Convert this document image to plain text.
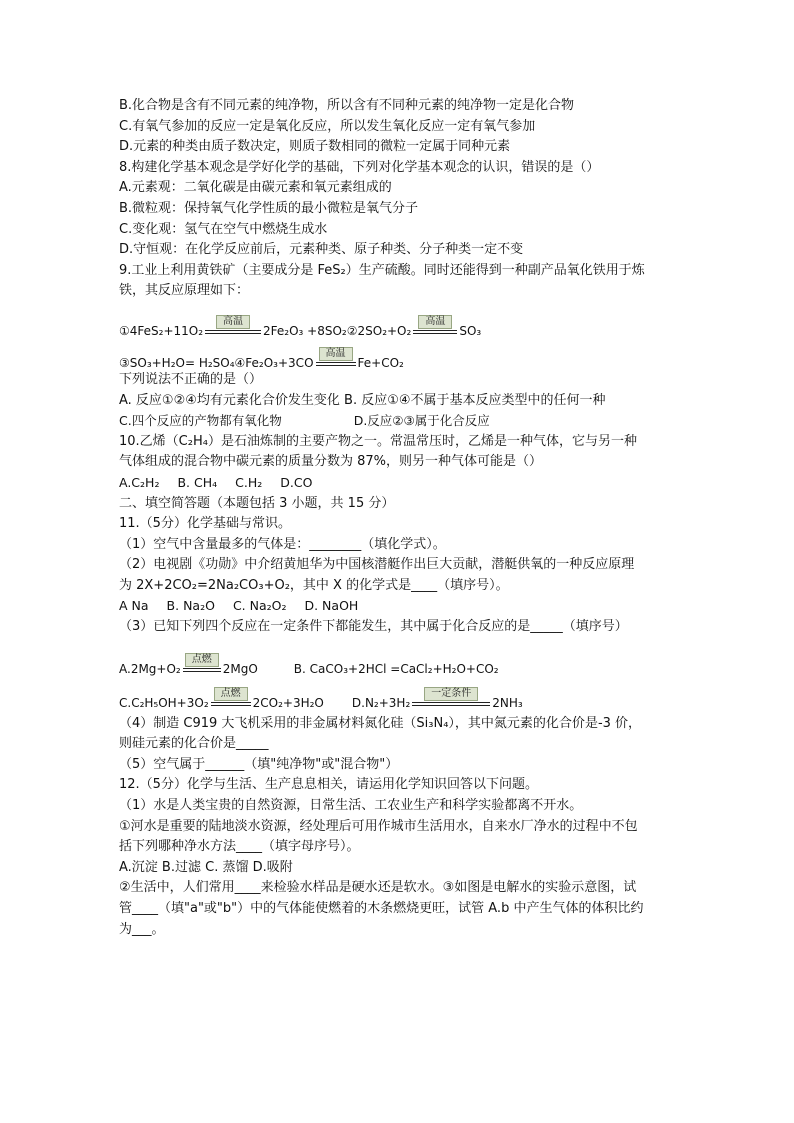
B.化合物是含有不同元素的纯净物，所以含有不同种元素的纯净物一定是化合物

C.有氧气参加的反应一定是氧化反应，所以发生氧化反应一定有氧气参加

D.元素的种类由质子数决定，则质子数相同的微粒一定属于同种元素

8.构建化学基本观念是学好化学的基础，下列对化学基本观念的认识，错误的是（）

A.元素观：二氧化碳是由碳元素和氧元素组成的

B.微粒观：保持氧气化学性质的最小微粒是氧气分子

C.变化观：氢气在空气中燃烧生成水

D.守恒观：在化学反应前后，元素种类、原子种类、分子种类一定不变

9.工业上利用黄铁矿（主要成分是 FeS₂）生产硫酸。同时还能得到一种副产品氧化铁用于炼

铁，其反应原理如下：

①4FeS₂+11O₂
高温
2Fe₂O₃ +8SO₂②2SO₂+O₂
高温
SO₃
③SO₃+H₂O= H₂SO₄④Fe₂O₃+3CO
高温
Fe+CO₂

下列说法不正确的是（）

A. 反应①②④均有元素化合价发生变化 B. 反应①④不属于基本反应类型中的任何一种

C.四个反应的产物都有氧化物	D.反应②③属于化合反应

10.乙烯（C₂H₄）是石油炼制的主要产物之一。常温常压时，乙烯是一种气体，它与另一种

气体组成的混合物中碳元素的质量分数为 87%，则另一种气体可能是（）

A.C₂H₂ B. CH₄ C.H₂ D.CO

二、填空简答题（本题包括 3 小题，共 15 分）

11.（5分）化学基础与常识。

（1）空气中含量最多的气体是：________（填化学式）。

（2）电视剧《功勋》中介绍黄旭华为中国核潜艇作出巨大贡献，潜艇供氧的一种反应原理

为 2X+2CO₂=2Na₂CO₃+O₂，其中 X 的化学式是____（填序号）。

A Na B. Na₂O C. Na₂O₂ D. NaOH

（3）已知下列四个反应在一定条件下都能发生，其中属于化合反应的是_____（填序号）

A.2Mg+O₂
点燃
2MgO	B. CaCO₃+2HCl =CaCl₂+H₂O+CO₂
C.C₂H₅OH+3O₂
点燃
2CO₂+3H₂O D.N₂+3H₂
一定条件
2NH₃

（4）制造 C919 大飞机采用的非金属材料氮化硅（Si₃N₄），其中氮元素的化合价是-3 价，

则硅元素的化合价是_____

（5）空气属于______（填"纯净物"或"混合物"）

12.（5分）化学与生活、生产息息相关，请运用化学知识回答以下问题。

（1）水是人类宝贵的自然资源，日常生活、工农业生产和科学实验都离不开水。

①河水是重要的陆地淡水资源，经处理后可用作城市生活用水，自来水厂净水的过程中不包

括下列哪种净水方法____（填字母序号）。

A.沉淀 B.过滤 C. 蒸馏 D.吸附

②生活中，人们常用____来检验水样品是硬水还是软水。③如图是电解水的实验示意图，试

管____（填"a"或"b"）中的气体能使燃着的木条燃烧更旺，试管 A.b 中产生气体的体积比约

为___。
